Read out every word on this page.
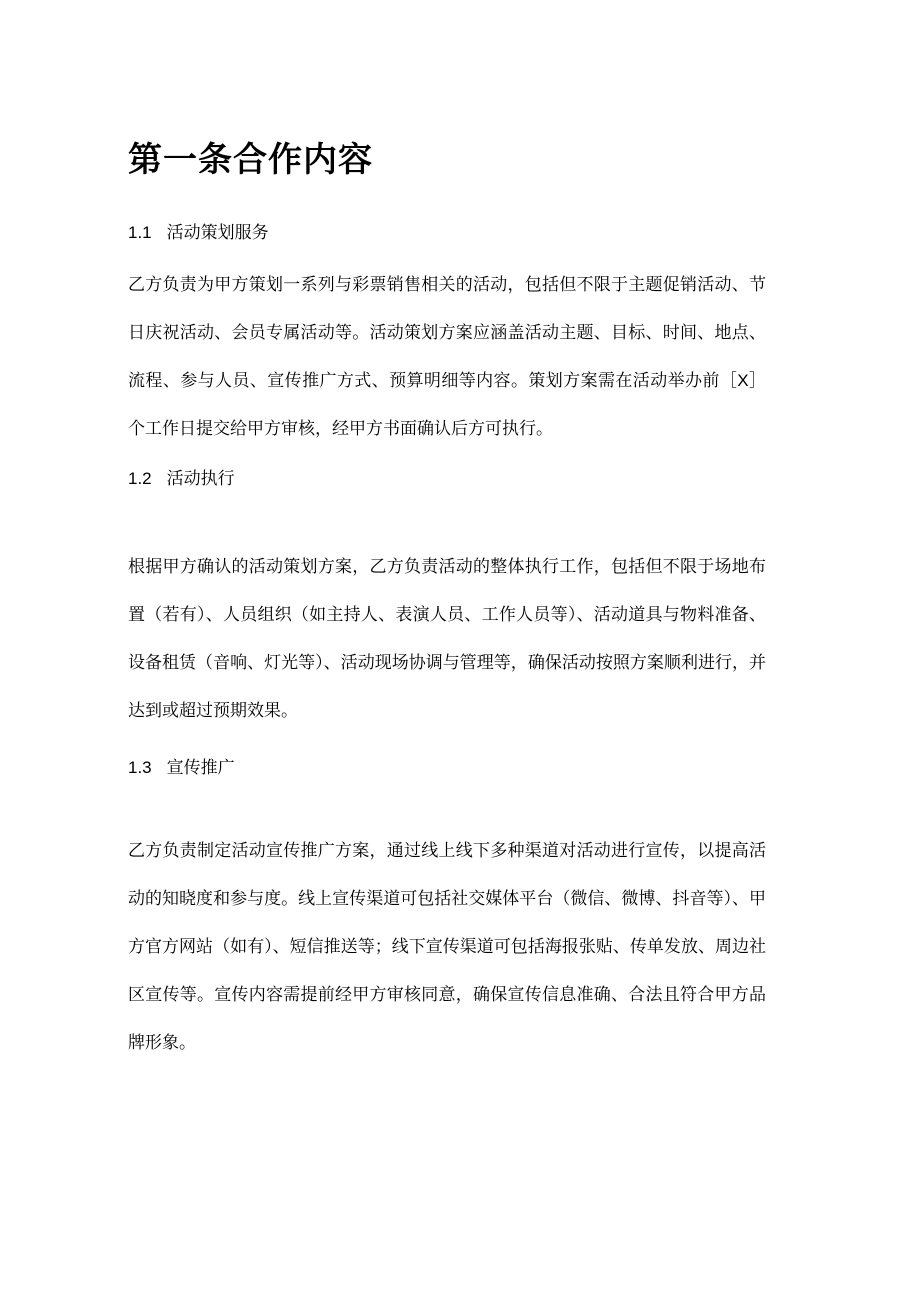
第一条合作内容
1.1 活动策划服务

乙方负责为甲方策划一系列与彩票销售相关的活动，包括但不限于主题促销活动、节日庆祝活动、会员专属活动等。活动策划方案应涵盖活动主题、目标、时间、地点、流程、参与人员、宣传推广方式、预算明细等内容。策划方案需在活动举办前［X］个工作日提交给甲方审核，经甲方书面确认后方可执行。

1.2 活动执行

根据甲方确认的活动策划方案，乙方负责活动的整体执行工作，包括但不限于场地布置（若有）、人员组织（如主持人、表演人员、工作人员等）、活动道具与物料准备、设备租赁（音响、灯光等）、活动现场协调与管理等，确保活动按照方案顺利进行，并达到或超过预期效果。

1.3 宣传推广

乙方负责制定活动宣传推广方案，通过线上线下多种渠道对活动进行宣传，以提高活动的知晓度和参与度。线上宣传渠道可包括社交媒体平台（微信、微博、抖音等）、甲方官方网站（如有）、短信推送等；线下宣传渠道可包括海报张贴、传单发放、周边社区宣传等。宣传内容需提前经甲方审核同意，确保宣传信息准确、合法且符合甲方品牌形象。
